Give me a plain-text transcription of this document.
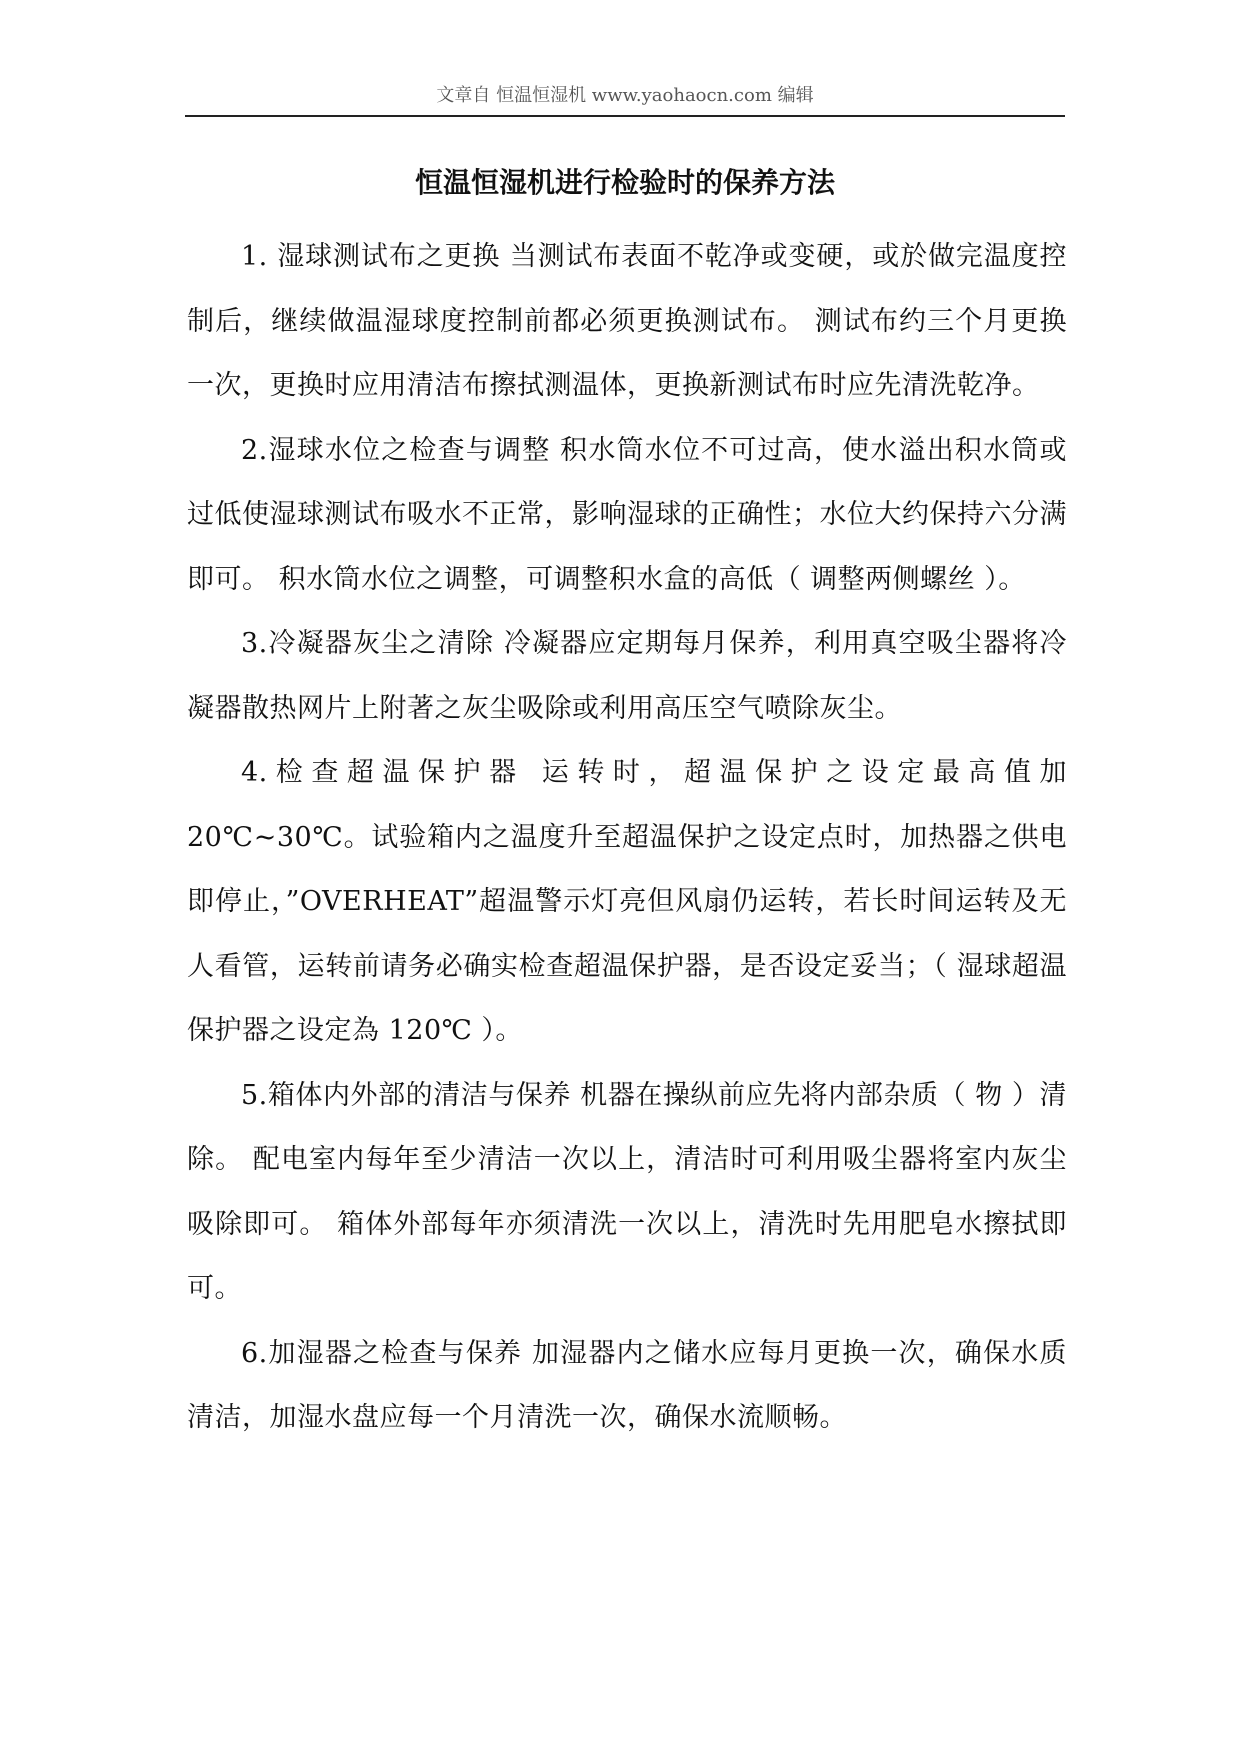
文章自 恒温恒湿机 www.yaohaocn.com 编辑
恒温恒湿机进行检验时的保养方法

1. 湿球测试布之更换 当测试布表面不乾净或变硬，或於做完温度控制后，继续做温湿球度控制前都必须更换测试布。 测试布约三个月更换一次，更换时应用清洁布擦拭测温体，更换新测试布时应先清洗乾净。

2.湿球水位之检查与调整 积水筒水位不可过高，使水溢出积水筒或过低使湿球测试布吸水不正常，影响湿球的正确性；水位大约保持六分满即可。 积水筒水位之调整，可调整积水盒的高低（ 调整两侧螺丝 ）。

3.冷凝器灰尘之清除 冷凝器应定期每月保养，利用真空吸尘器将冷凝器散热网片上附著之灰尘吸除或利用高压空气喷除灰尘。

4.检查超温保护器 运转时，超温保护之设定最高值加 20℃~30℃。试验箱内之温度升至超温保护之设定点时，加热器之供电即停止，”OVERHEAT”超温警示灯亮但风扇仍运转，若长时间运转及无人看管，运转前请务必确实检查超温保护器，是否设定妥当；（ 湿球超温保护器之设定為 120℃ ）。

5.箱体内外部的清洁与保养 机器在操纵前应先将内部杂质（ 物 ）清除。 配电室内每年至少清洁一次以上，清洁时可利用吸尘器将室内灰尘吸除即可。 箱体外部每年亦须清洗一次以上，清洗时先用肥皂水擦拭即可。

6.加湿器之检查与保养 加湿器内之储水应每月更换一次，确保水质清洁，加湿水盘应每一个月清洗一次，确保水流顺畅。
